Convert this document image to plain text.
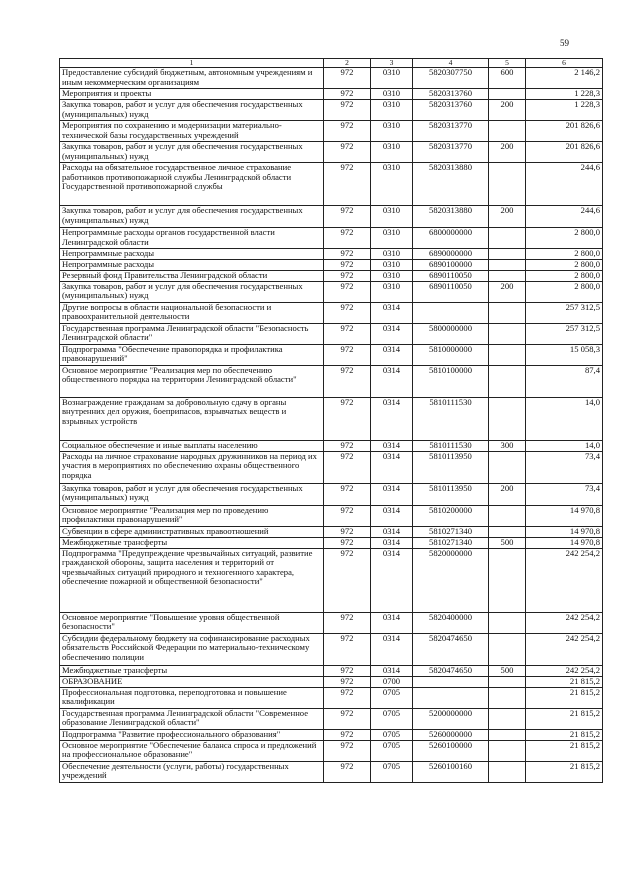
59
1	2	3	4	5	6
Предоставление субсидий бюджетным, автономным учреждениям и иным некоммерческим организациям	972	0310	5820307750	600	2 146,2
Мероприятия и проекты	972	0310	5820313760		1 228,3
Закупка товаров, работ и услуг для обеспечения государственных (муниципальных) нужд	972	0310	5820313760	200	1 228,3
Мероприятия по сохранению и модернизации материально-технической базы государственных учреждений	972	0310	5820313770		201 826,6
Закупка товаров, работ и услуг для обеспечения государственных (муниципальных) нужд	972	0310	5820313770	200	201 826,6
Расходы на обязательное государственное личное страхование работников противопожарной службы Ленинградской области Государственной противопожарной службы	972	0310	5820313880		244,6
Закупка товаров, работ и услуг для обеспечения государственных (муниципальных) нужд	972	0310	5820313880	200	244,6
Непрограммные расходы органов государственной власти Ленинградской области	972	0310	6800000000		2 800,0
Непрограммные расходы	972	0310	6890000000		2 800,0
Непрограммные расходы	972	0310	6890100000		2 800,0
Резервный фонд Правительства Ленинградской области	972	0310	6890110050		2 800,0
Закупка товаров, работ и услуг для обеспечения государственных (муниципальных) нужд	972	0310	6890110050	200	2 800,0
Другие вопросы в области национальной безопасности и правоохранительной деятельности	972	0314			257 312,5
Государственная программа Ленинградской области "Безопасность Ленинградской области"	972	0314	5800000000		257 312,5
Подпрограмма "Обеспечение правопорядка и профилактика правонарушений"	972	0314	5810000000		15 058,3
Основное мероприятие "Реализация мер по обеспечению общественного порядка на территории Ленинградской области"	972	0314	5810100000		87,4
Вознаграждение гражданам за добровольную сдачу в органы внутренних дел оружия, боеприпасов, взрывчатых веществ и взрывных устройств	972	0314	5810111530		14,0
Социальное обеспечение и иные выплаты населению	972	0314	5810111530	300	14,0
Расходы на личное страхование народных дружинников на период их участия в мероприятиях по обеспечению охраны общественного порядка	972	0314	5810113950		73,4
Закупка товаров, работ и услуг для обеспечения государственных (муниципальных) нужд	972	0314	5810113950	200	73,4
Основное мероприятие "Реализация мер по проведению профилактики правонарушений"	972	0314	5810200000		14 970,8
Субвенции в сфере административных правоотношений	972	0314	5810271340		14 970,8
Межбюджетные трансферты	972	0314	5810271340	500	14 970,8
Подпрограмма "Предупреждение чрезвычайных ситуаций, развитие гражданской обороны, защита населения и территорий от чрезвычайных ситуаций природного и техногенного характера, обеспечение пожарной и общественной безопасности"	972	0314	5820000000		242 254,2
Основное мероприятие "Повышение уровня общественной безопасности"	972	0314	5820400000		242 254,2
Субсидии федеральному бюджету на софинансирование расходных обязательств Российской Федерации по материально-техническому обеспечению полиции	972	0314	5820474650		242 254,2
Межбюджетные трансферты	972	0314	5820474650	500	242 254,2
ОБРАЗОВАНИЕ	972	0700			21 815,2
Профессиональная подготовка, переподготовка и повышение квалификации	972	0705			21 815,2
Государственная программа Ленинградской области "Современное образование Ленинградской области"	972	0705	5200000000		21 815,2
Подпрограмма "Развитие профессионального образования"	972	0705	5260000000		21 815,2
Основное мероприятие "Обеспечение баланса спроса и предложений на профессиональное образование"	972	0705	5260100000		21 815,2
Обеспечение деятельности (услуги, работы) государственных учреждений	972	0705	5260100160		21 815,2
